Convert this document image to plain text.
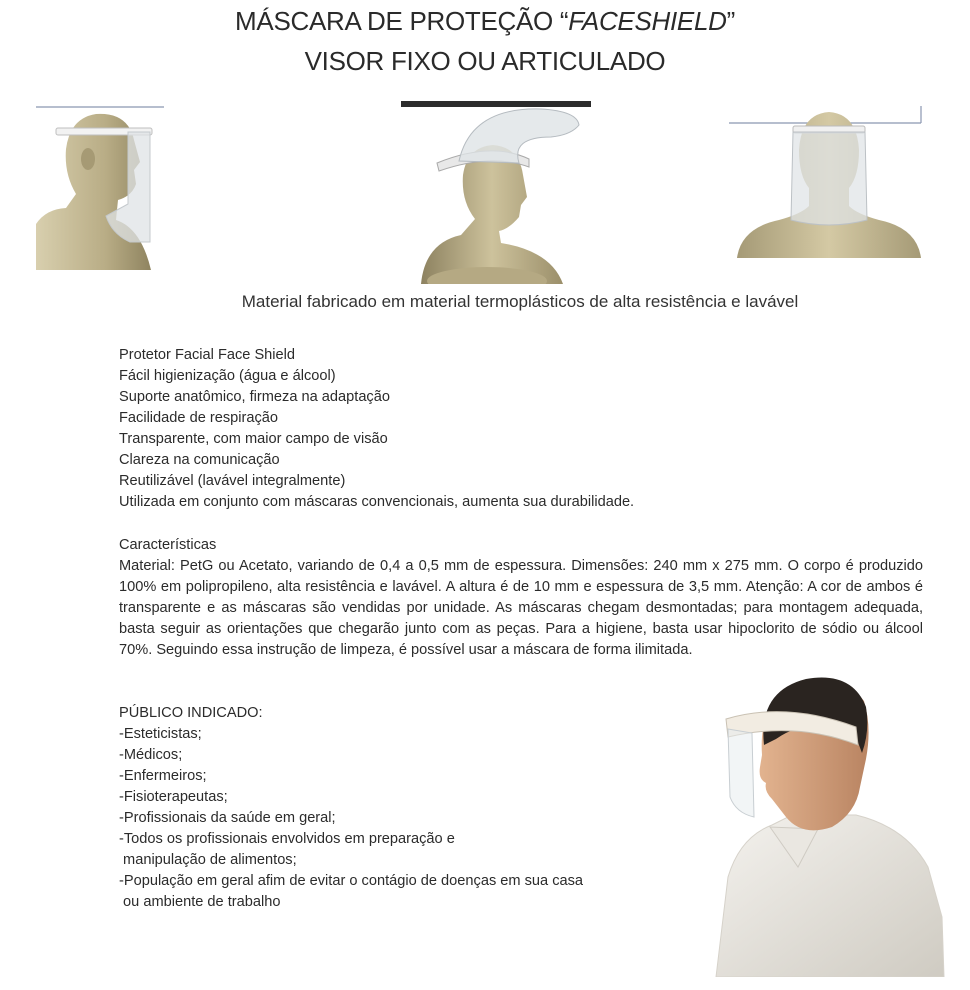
MÁSCARA DE PROTEÇÃO “FACESHIELD”
VISOR FIXO OU ARTICULADO
Material fabricado em material termoplásticos de alta resistência e lavável
Protetor Facial Face Shield
Fácil higienização (água e álcool)
Suporte anatômico, firmeza na adaptação
Facilidade de respiração
Transparente, com maior campo de visão
Clareza na comunicação
Reutilizável (lavável integralmente)
Utilizada em conjunto com máscaras convencionais, aumenta sua durabilidade.
Características
Material: PetG ou Acetato, variando de 0,4 a 0,5 mm de espessura. Dimensões: 240 mm x 275 mm. O corpo é produzido 100% em polipropileno, alta resistência e lavável. A altura é de 10 mm e espessura de 3,5 mm. Atenção: A cor de ambos é transparente e as máscaras são vendidas por unidade. As máscaras chegam desmontadas; para montagem adequada, basta seguir as orientações que chegarão junto com as peças. Para a higiene, basta usar hipoclorito de sódio ou álcool 70%. Seguindo essa instrução de limpeza, é possível usar a máscara de forma ilimitada.
PÚBLICO INDICADO:
-Esteticistas;
-Médicos;
-Enfermeiros;
-Fisioterapeutas;
-Profissionais da saúde em geral;
-Todos os profissionais envolvidos em preparação e
manipulação de alimentos;
-População em geral afim de evitar o contágio de doenças em sua casa
ou ambiente de trabalho
